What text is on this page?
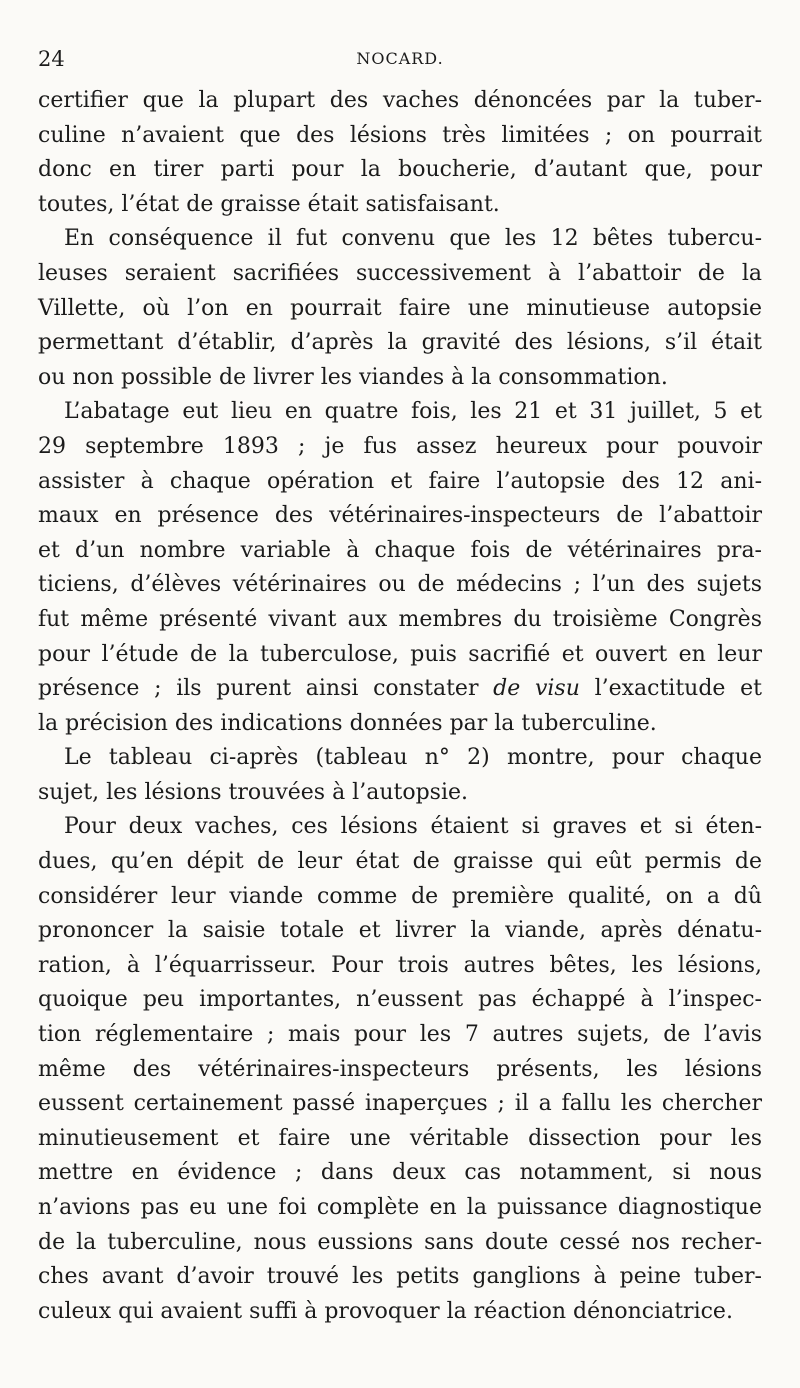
24	NOCARD.
certifier que la plupart des vaches dénoncées par la tuber-
culine n’avaient que des lésions très limitées ; on pourrait
donc en tirer parti pour la boucherie, d’autant que, pour
toutes, l’état de graisse était satisfaisant.
En conséquence il fut convenu que les 12 bêtes tubercu-
leuses seraient sacrifiées successivement à l’abattoir de la
Villette, où l’on en pourrait faire une minutieuse autopsie
permettant d’établir, d’après la gravité des lésions, s’il était
ou non possible de livrer les viandes à la consommation.
L’abatage eut lieu en quatre fois, les 21 et 31 juillet, 5 et
29 septembre 1893 ; je fus assez heureux pour pouvoir
assister à chaque opération et faire l’autopsie des 12 ani-
maux en présence des vétérinaires-inspecteurs de l’abattoir
et d’un nombre variable à chaque fois de vétérinaires pra-
ticiens, d’élèves vétérinaires ou de médecins ; l’un des sujets
fut même présenté vivant aux membres du troisième Congrès
pour l’étude de la tuberculose, puis sacrifié et ouvert en leur
présence ; ils purent ainsi constater de visu l’exactitude et
la précision des indications données par la tuberculine.
Le tableau ci-après (tableau n° 2) montre, pour chaque
sujet, les lésions trouvées à l’autopsie.
Pour deux vaches, ces lésions étaient si graves et si éten-
dues, qu’en dépit de leur état de graisse qui eût permis de
considérer leur viande comme de première qualité, on a dû
prononcer la saisie totale et livrer la viande, après dénatu-
ration, à l’équarrisseur. Pour trois autres bêtes, les lésions,
quoique peu importantes, n’eussent pas échappé à l’inspec-
tion réglementaire ; mais pour les 7 autres sujets, de l’avis
même des vétérinaires-inspecteurs présents, les lésions
eussent certainement passé inaperçues ; il a fallu les chercher
minutieusement et faire une véritable dissection pour les
mettre en évidence ; dans deux cas notamment, si nous
n’avions pas eu une foi complète en la puissance diagnostique
de la tuberculine, nous eussions sans doute cessé nos recher-
ches avant d’avoir trouvé les petits ganglions à peine tuber-
culeux qui avaient suffi à provoquer la réaction dénonciatrice.
